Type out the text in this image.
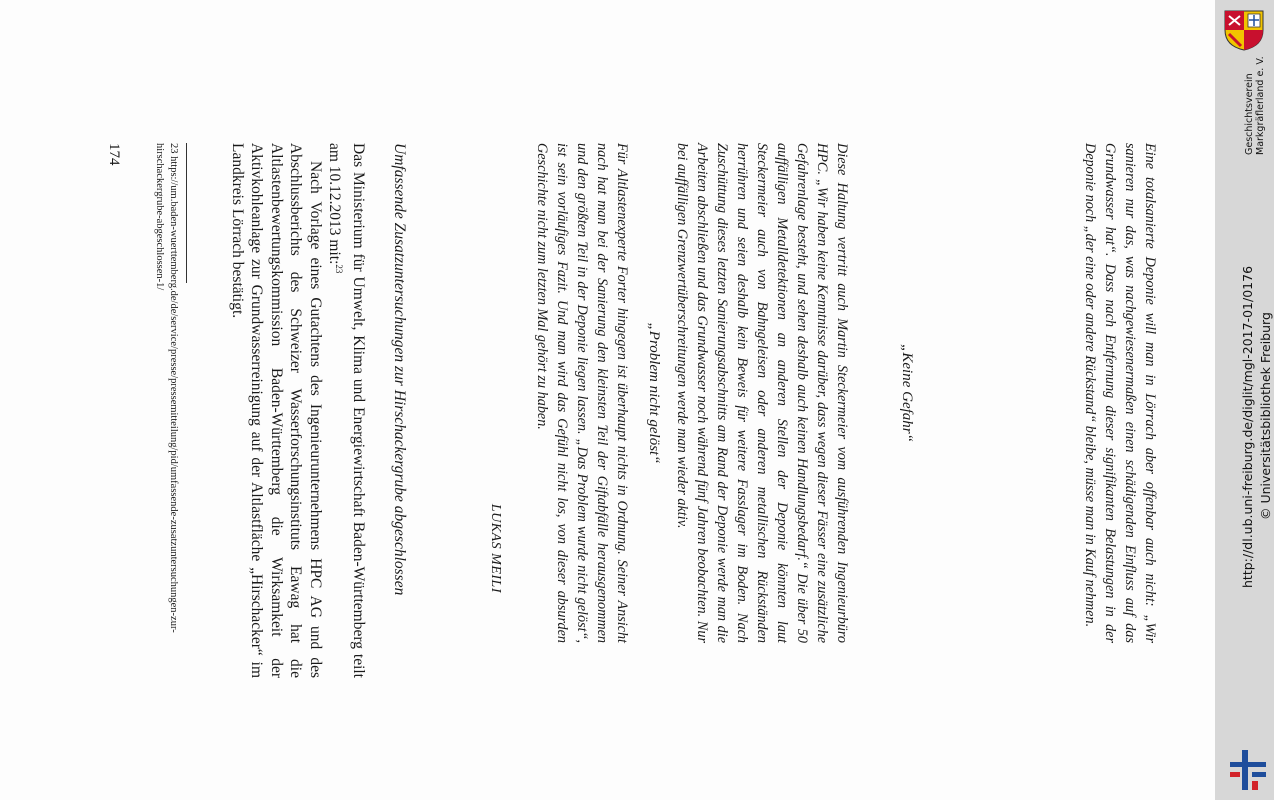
Eine totalsanierte Deponie will man in Lörrach aber offenbar auch nicht: „Wir sanieren nur das, was nachgewiesenermaßen einen schädigenden Einfluss auf das Grundwasser hat“. Dass nach Entfernung dieser signifikanten Belastungen in der Deponie noch „der eine oder andere Rückstand“ bleibe, müsse man in Kauf nehmen.

„Keine Gefahr“

Diese Haltung vertritt auch Martin Steckermeier vom ausführenden Ingenieurbüro HPC. „Wir haben keine Kenntnisse darüber, dass wegen dieser Fässer eine zusätzliche Gefahrenlage besteht, und sehen deshalb auch keinen Handlungsbedarf.“ Die über 50 auffälligen Metalldetektionen an anderen Stellen der Deponie könnten laut Steckermeier auch von Bahngeleisen oder anderen metallischen Rückständen herrühren und seien deshalb kein Beweis für weitere Fasslager im Boden. Nach Zuschüttung dieses letzten Sanierungsabschnitts am Rand der Deponie werde man die Arbeiten abschließen und das Grundwasser noch während fünf Jahren beobachten. Nur bei auffälligen Grenzwertüberschreitungen werde man wieder aktiv.

„Problem nicht gelöst“

Für Altlastenexperte Forter hingegen ist überhaupt nichts in Ordnung. Seiner Ansicht nach hat man bei der Sanierung den kleinsten Teil der Giftabfälle herausgenommen und den größten Teil in der Deponie liegen lassen. „Das Problem wurde nicht gelöst“, ist sein vorläufiges Fazit. Und man wird das Gefühl nicht los, von dieser absurden Geschichte nicht zum letzten Mal gehört zu haben.

LUKAS MEILI
Umfassende Zusatzuntersuchungen zur Hirschackergrube abgeschlossen

Das Ministerium für Umwelt, Klima und Energiewirtschaft Baden-Württemberg teilt am 10.12.2013 mit:$^{23}$

Nach Vorlage eines Gutachtens des Ingenieurunternehmens HPC AG und des Abschlussberichts des Schweizer Wasserforschungsinstituts Eawag hat die Altlastenbewertungskommission Baden-Württemberg die Wirksamkeit der Aktivkohleanlage zur Grundwasserreinigung auf der Altlastfläche „Hirschacker“ im Landkreis Lörrach bestätigt.

23 https://um.baden-wuerttemberg.de/de/service/presse/pressemitteilung/pid/umfassende-zusatzuntersuchungen-zur-hirschackergrube-abgeschlossen-1/
174	Geschichtsverein Markgräflerland e. V.
http://dl.ub.uni-freiburg.de/diglit/mgl-2017-01/0176 © Universitätsbibliothek Freiburg
